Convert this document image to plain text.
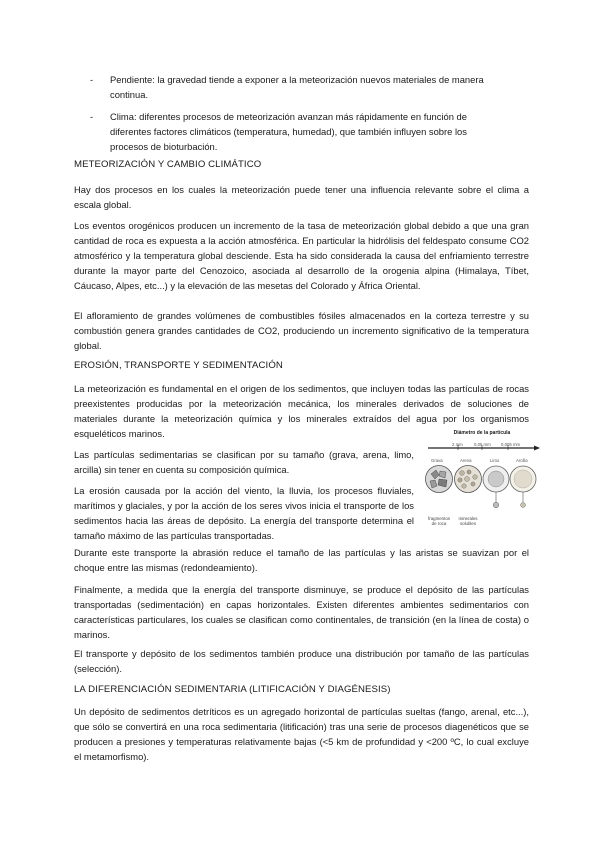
- Pendiente: la gravedad tiende a exponer a la meteorización nuevos materiales de manera
continua.

- Clima: diferentes procesos de meteorización avanzan más rápidamente en función de
diferentes factores climáticos (temperatura, humedad), que también influyen sobre los
procesos de bioturbación.

METEORIZACIÓN Y CAMBIO CLIMÁTICO

Hay dos procesos en los cuales la meteorización puede tener una influencia relevante sobre el clima a escala global.

Los eventos orogénicos producen un incremento de la tasa de meteorización global debido a que una gran cantidad de roca es expuesta a la acción atmosférica. En particular la hidrólisis del feldespato consume CO2 atmosférico y la temperatura global desciende. Esta ha sido considerada la causa del enfriamiento terrestre durante la mayor parte del Cenozoico, asociada al desarrollo de la orogenia alpina (Himalaya, Tíbet, Cáucaso, Alpes, etc...) y la elevación de las mesetas del Colorado y África Oriental.

El afloramiento de grandes volúmenes de combustibles fósiles almacenados en la corteza terrestre y su combustión genera grandes cantidades de CO2, produciendo un incremento significativo de la temperatura global.

EROSIÓN, TRANSPORTE Y SEDIMENTACIÓN

La meteorización es fundamental en el origen de los sedimentos, que incluyen todas las partículas de rocas preexistentes producidas por la meteorización mecánica, los minerales derivados de soluciones de materiales durante la meteorización química y los minerales extraídos del agua por los organismos esqueléticos marinos.

Las partículas sedimentarias se clasifican por su tamaño (grava, arena, limo, arcilla) sin tener en cuenta su composición química.

La erosión causada por la acción del viento, la lluvia, los procesos fluviales, marítimos y glaciales, y por la acción de los seres vivos inicia el transporte de los sedimentos hacia las áreas de depósito. La energía del transporte determina el tamaño máximo de las partículas transportadas.

Diámetro de la partícula
2 mm	0,05 mm 0,005 mm
Grava	Arena	Limo	Arcilla
fragmentos
de roca
minerales
solubles

Durante este transporte la abrasión reduce el tamaño de las partículas y las aristas se suavizan por el choque entre las mismas (redondeamiento).

Finalmente, a medida que la energía del transporte disminuye, se produce el depósito de las partículas transportadas (sedimentación) en capas horizontales. Existen diferentes ambientes sedimentarios con características particulares, los cuales se clasifican como continentales, de transición (en la línea de costa) o marinos.

El transporte y depósito de los sedimentos también produce una distribución por tamaño de las partículas (selección).

LA DIFERENCIACIÓN SEDIMENTARIA (LITIFICACIÓN Y DIAGÉNESIS)

Un depósito de sedimentos detríticos es un agregado horizontal de partículas sueltas (fango, arenal, etc...), que sólo se convertirá en una roca sedimentaria (litificación) tras una serie de procesos diagenéticos que se producen a presiones y temperaturas relativamente bajas (<5 km de profundidad y <200 ºC, lo cual excluye el metamorfismo).
